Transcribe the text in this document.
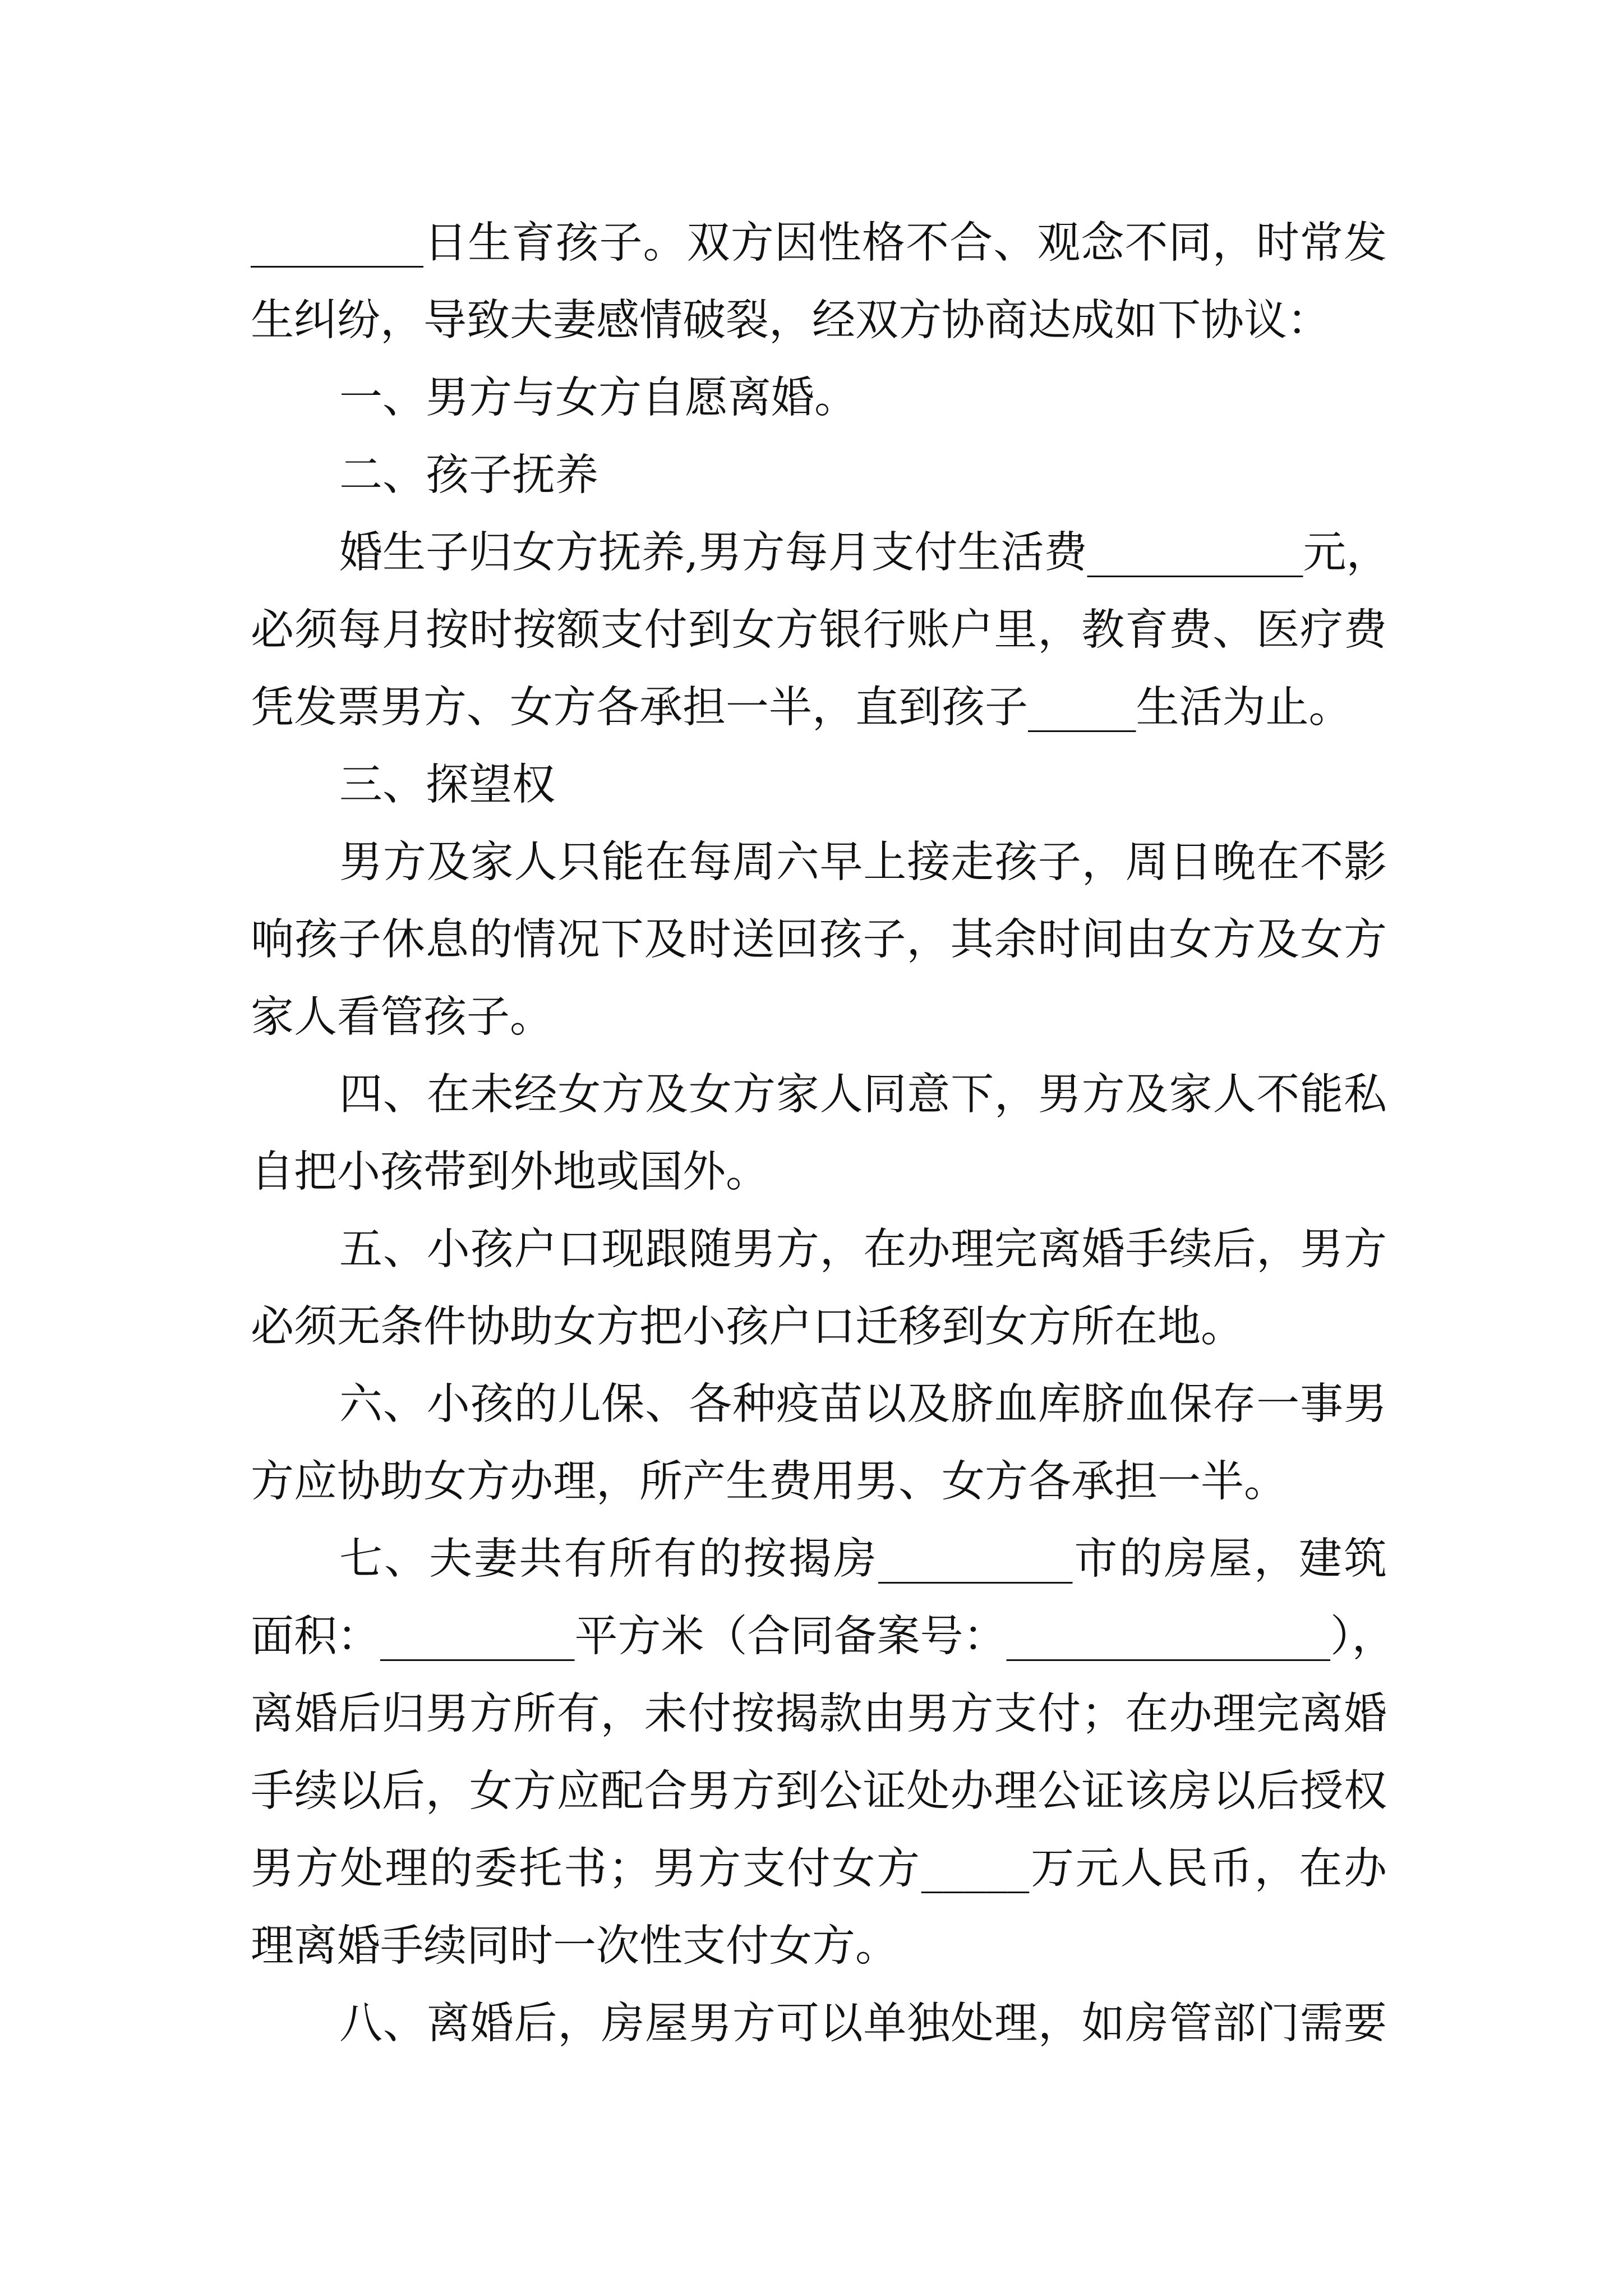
________日生育孩子。双方因性格不合、观念不同，时常发
生纠纷，导致夫妻感情破裂，经双方协商达成如下协议：
一、男方与女方自愿离婚。
二、孩子抚养
婚生子归女方抚养,男方每月支付生活费__________元，
必须每月按时按额支付到女方银行账户里，教育费、医疗费
凭发票男方、女方各承担一半，直到孩子_____生活为止。
三、探望权
男方及家人只能在每周六早上接走孩子，周日晚在不影
响孩子休息的情况下及时送回孩子，其余时间由女方及女方
家人看管孩子。
四、在未经女方及女方家人同意下，男方及家人不能私
自把小孩带到外地或国外。
五、小孩户口现跟随男方，在办理完离婚手续后，男方
必须无条件协助女方把小孩户口迁移到女方所在地。
六、小孩的儿保、各种疫苗以及脐血库脐血保存一事男
方应协助女方办理，所产生费用男、女方各承担一半。
七、夫妻共有所有的按揭房_________市的房屋，建筑
面积：_________平方米（合同备案号：_______________），
离婚后归男方所有，未付按揭款由男方支付；在办理完离婚
手续以后，女方应配合男方到公证处办理公证该房以后授权
男方处理的委托书；男方支付女方_____万元人民币，在办
理离婚手续同时一次性支付女方。
八、离婚后，房屋男方可以单独处理，如房管部门需要
